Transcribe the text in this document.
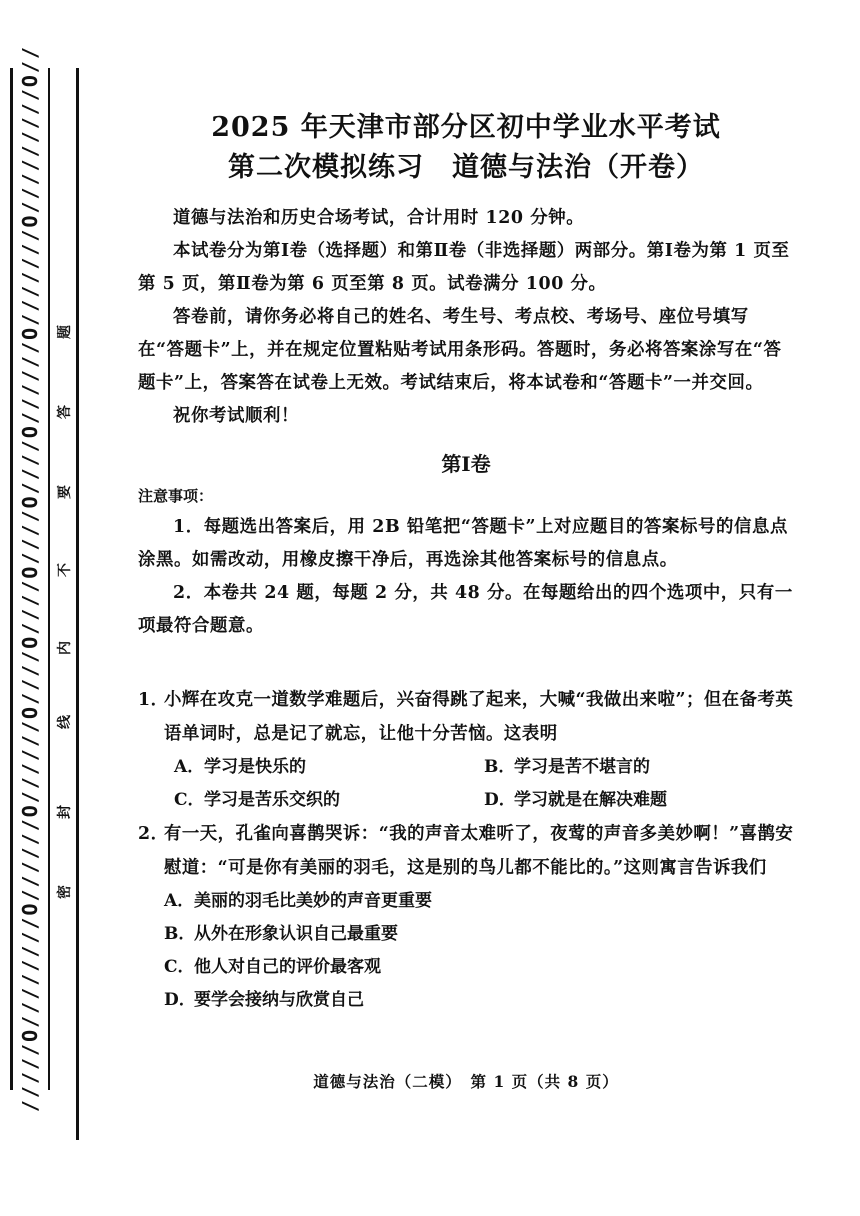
/////O////////O//////O//////O////O////O////O////O//////O///////O/////////O// 密
封
线
内
不
要
答
题
2025 年天津市部分区初中学业水平考试
第二次模拟练习 道德与法治（开卷）

道德与法治和历史合场考试，合计用时 120 分钟。

本试卷分为第Ⅰ卷（选择题）和第Ⅱ卷（非选择题）两部分。第Ⅰ卷为第 1 页至第 5 页，第Ⅱ卷为第 6 页至第 8 页。试卷满分 100 分。

答卷前，请你务必将自己的姓名、考生号、考点校、考场号、座位号填写在“答题卡”上，并在规定位置粘贴考试用条形码。答题时，务必将答案涂写在“答题卡”上，答案答在试卷上无效。考试结束后，将本试卷和“答题卡”一并交回。

祝你考试顺利！

第Ⅰ卷
注意事项：

1．每题选出答案后，用 2B 铅笔把“答题卡”上对应题目的答案标号的信息点涂黑。如需改动，用橡皮擦干净后，再选涂其他答案标号的信息点。

2．本卷共 24 题，每题 2 分，共 48 分。在每题给出的四个选项中，只有一项最符合题意。

1．
小辉在攻克一道数学难题后，兴奋得跳了起来，大喊“我做出来啦”；但在备考英语单词时，总是记了就忘，让他十分苦恼。这表明
A．学习是快乐的	B．学习是苦不堪言的
C．学习是苦乐交织的	D．学习就是在解决难题
2．
有一天，孔雀向喜鹊哭诉：“我的声音太难听了，夜莺的声音多美妙啊！”喜鹊安慰道：“可是你有美丽的羽毛，这是别的鸟儿都不能比的。”这则寓言告诉我们
A．美丽的羽毛比美妙的声音更重要
B．从外在形象认识自己最重要
C．他人对自己的评价最客观
D．要学会接纳与欣赏自己
道德与法治（二模）　第 1 页（共 8 页）
